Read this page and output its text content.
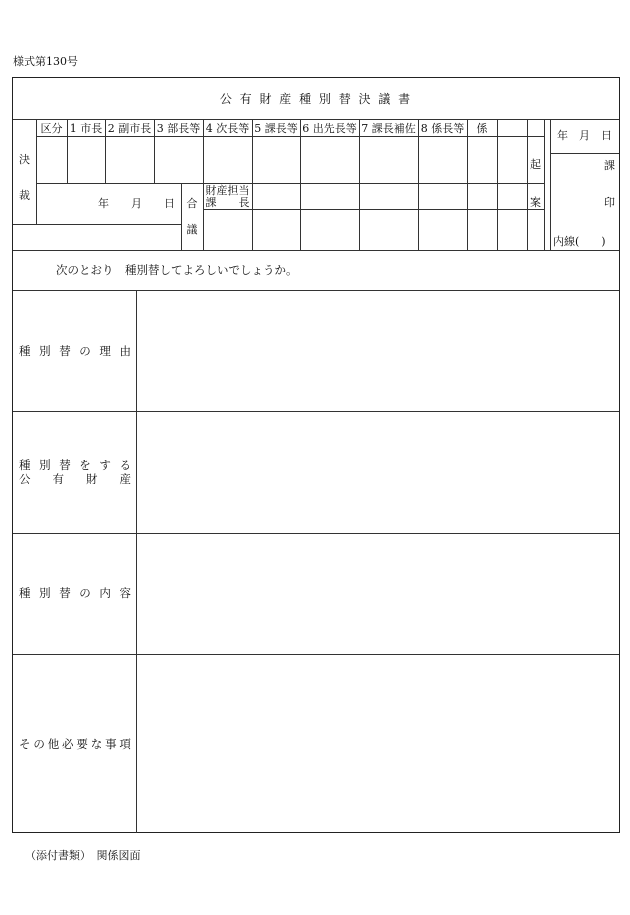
様式第130号
公 有 財 産 種 別 替 決 議 書
決
裁
区分 1 市長 2 副市長 3 部長等 4 次長等 5 課長等 6 出先長等 7 課長補佐 8 係長等	係
年　　月　　日	合
議
財産担当
課　　長
起
案
年　月　日
課
印
内線(　　)
次のとおり　種別替してよろしいでしょうか。
種 別 替 の 理 由
種 別 替 を す る
公 有 財 産
種 別 替 の 内 容
そ の 他 必 要 な 事 項
（添付書類）　関係図面
